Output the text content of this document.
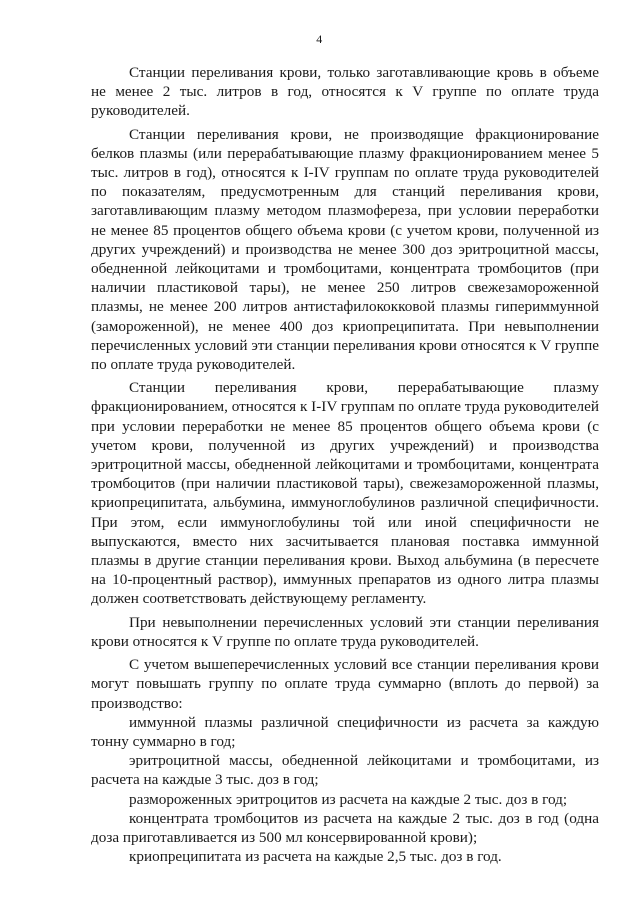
4

Станции переливания крови, только заготавливающие кровь в объеме не менее 2 тыс. литров в год, относятся к V группе по оплате труда руководителей.

Станции переливания крови, не производящие фракционирование белков плазмы (или перерабатывающие плазму фракционированием менее 5 тыс. литров в год), относятся к I-IV группам по оплате труда руководителей по показателям, предусмотренным для станций переливания крови, заготавливающим плазму методом плазмофереза, при условии переработки не менее 85 процентов общего объема крови (с учетом крови, полученной из других учреждений) и производства не менее 300 доз эритроцитной массы, обедненной лейкоцитами и тромбоцитами, концентрата тромбоцитов (при наличии пластиковой тары), не менее 250 литров свежезамороженной плазмы, не менее 200 литров антистафилококковой плазмы гипериммунной (замороженной), не менее 400 доз криопреципитата. При невыполнении перечисленных условий эти станции переливания крови относятся к V группе по оплате труда руководителей.

Станции переливания крови, перерабатывающие плазму фракционированием, относятся к I-IV группам по оплате труда руководителей при условии переработки не менее 85 процентов общего объема крови (с учетом крови, полученной из других учреждений) и производства эритроцитной массы, обедненной лейкоцитами и тромбоцитами, концентрата тромбоцитов (при наличии пластиковой тары), свежезамороженной плазмы, криопреципитата, альбумина, иммуноглобулинов различной специфичности. При этом, если иммуноглобулины той или иной специфичности не выпускаются, вместо них засчитывается плановая поставка иммунной плазмы в другие станции переливания крови. Выход альбумина (в пересчете на 10-процентный раствор), иммунных препаратов из одного литра плазмы должен соответствовать действующему регламенту.

При невыполнении перечисленных условий эти станции переливания крови относятся к V группе по оплате труда руководителей.

С учетом вышеперечисленных условий все станции переливания крови могут повышать группу по оплате труда суммарно (вплоть до первой) за производство:

иммунной плазмы различной специфичности из расчета за каждую тонну суммарно в год;

эритроцитной массы, обедненной лейкоцитами и тромбоцитами, из расчета на каждые 3 тыс. доз в год;

размороженных эритроцитов из расчета на каждые 2 тыс. доз в год;

концентрата тромбоцитов из расчета на каждые 2 тыс. доз в год (одна доза приготавливается из 500 мл консервированной крови);

криопреципитата из расчета на каждые 2,5 тыс. доз в год.
